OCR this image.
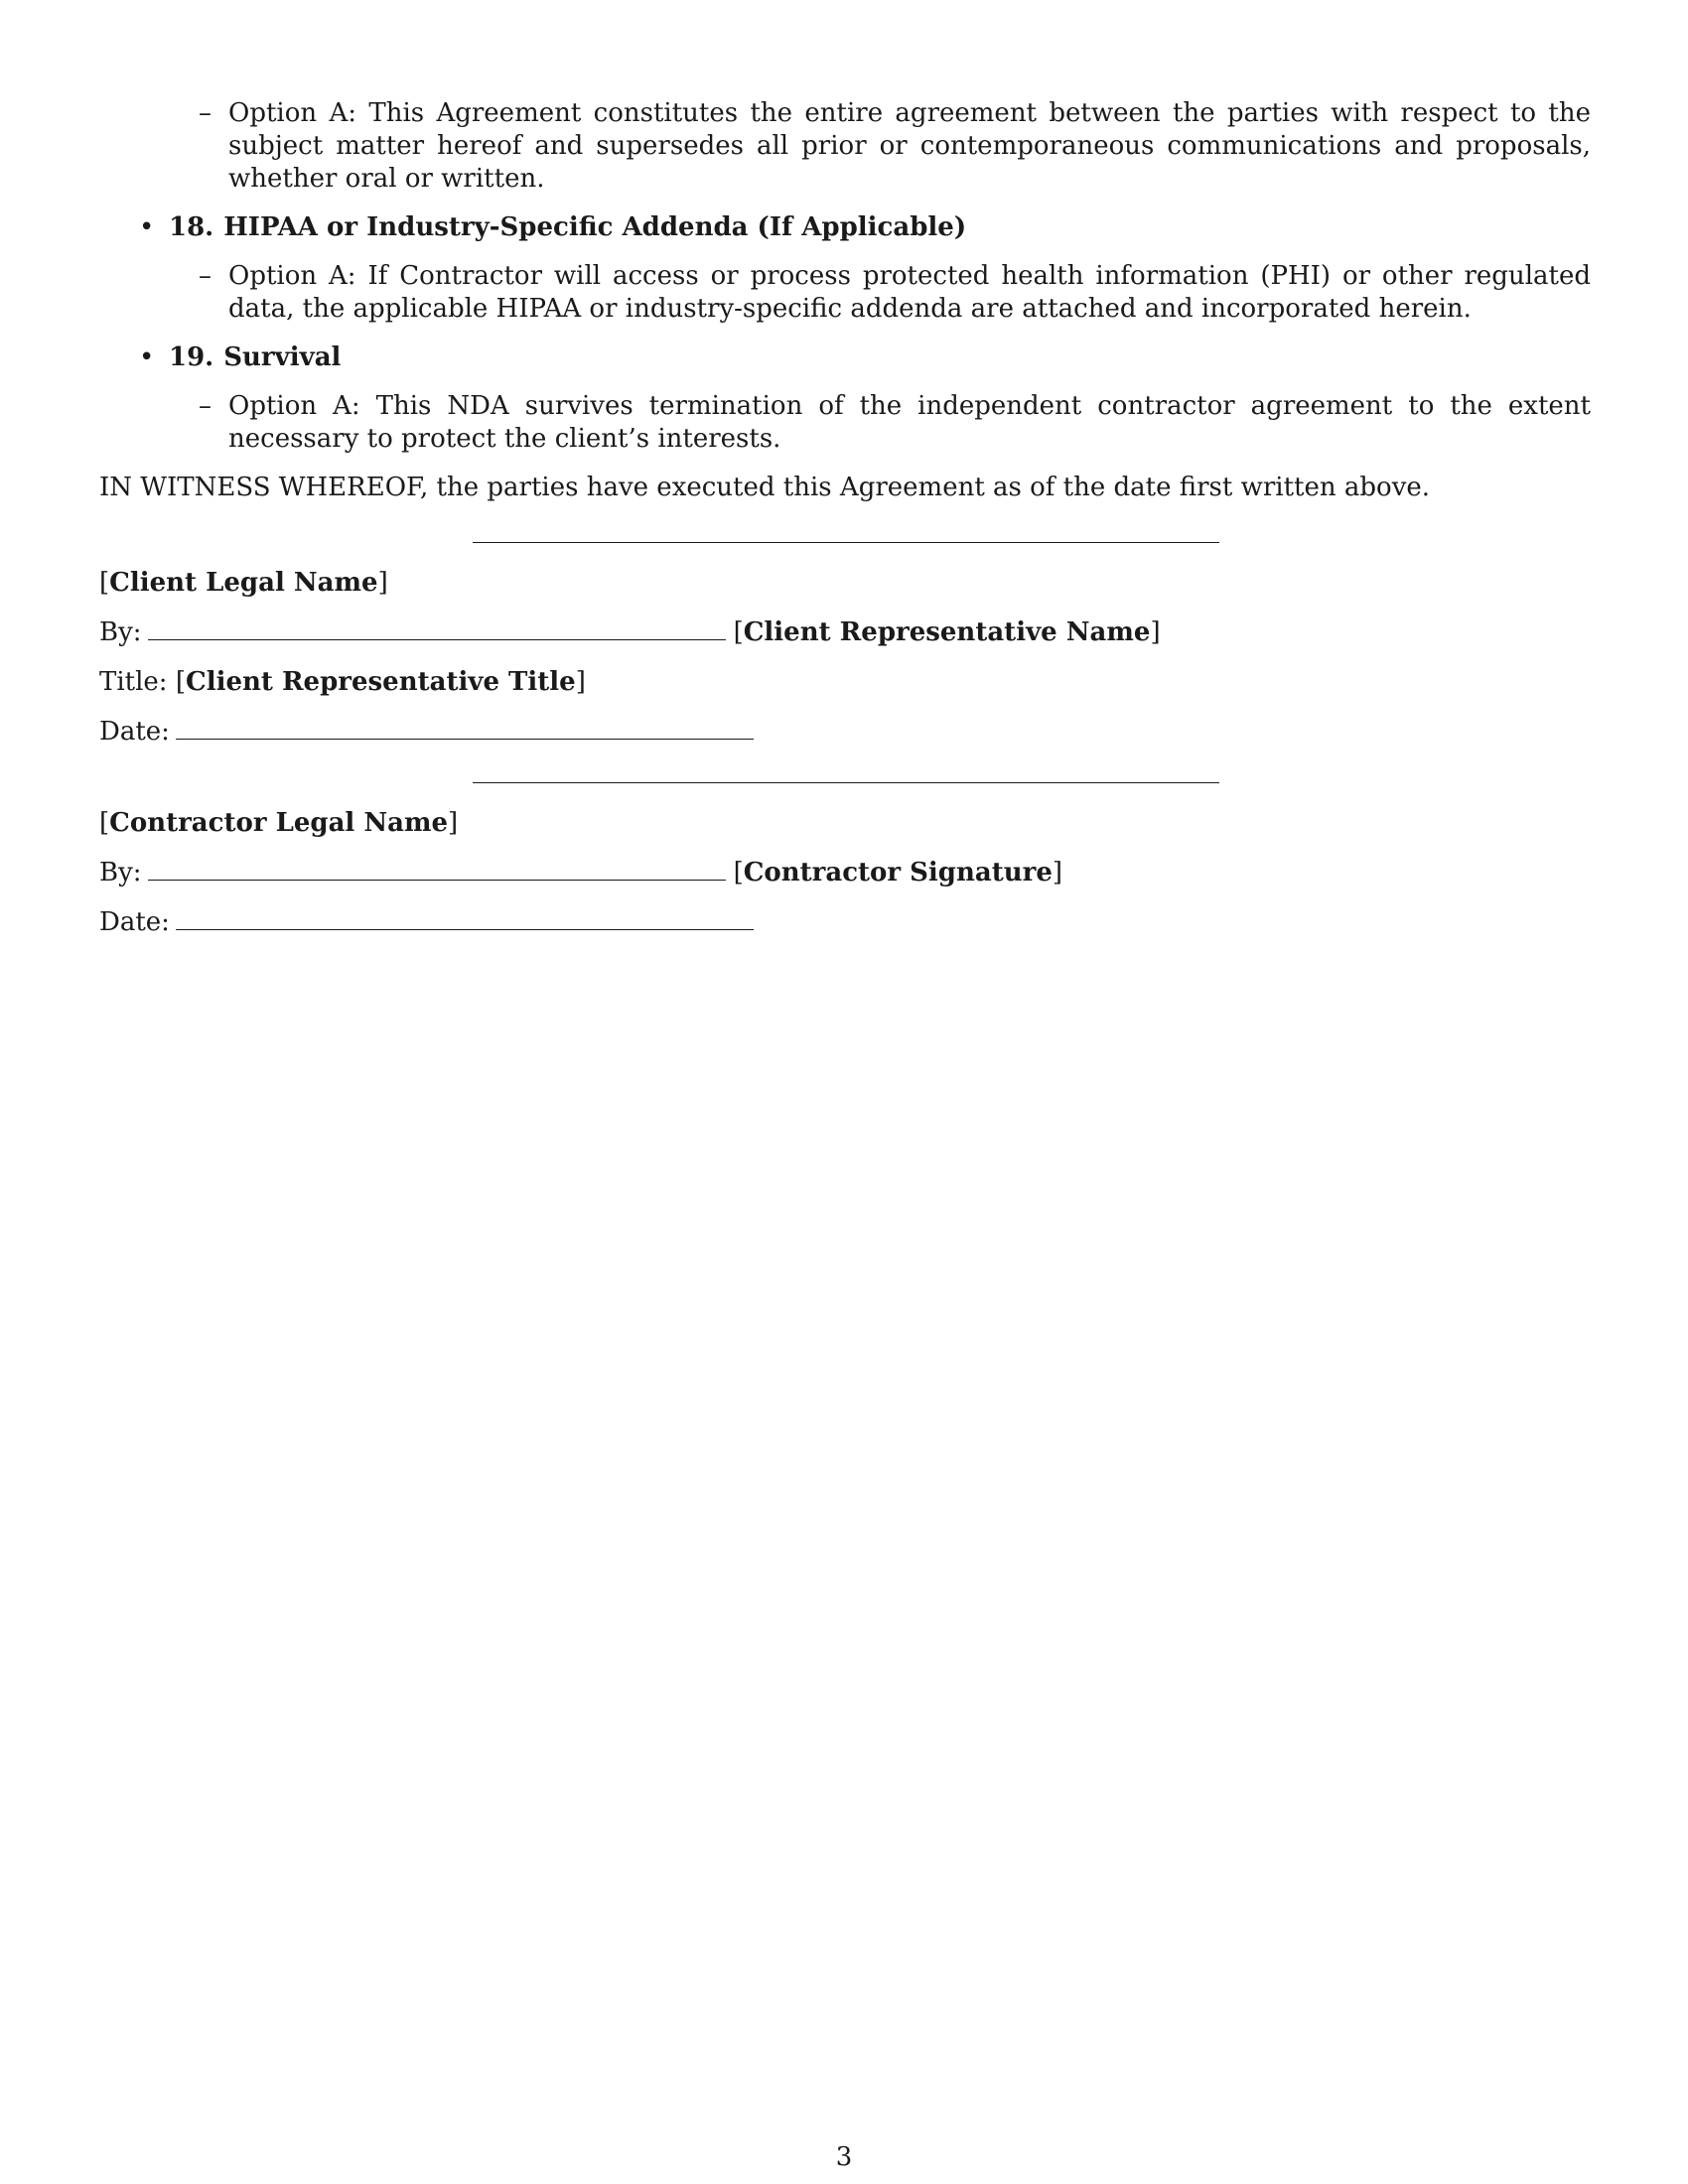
– Option A: This Agreement constitutes the entire agreement between the parties with respect to the subject matter hereof and supersedes all prior or contemporaneous communications and proposals, whether oral or written.
• 18. HIPAA or Industry-Specific Addenda (If Applicable)
– Option A: If Contractor will access or process protected health information (PHI) or other regulated data, the applicable HIPAA or industry-specific addenda are attached and incorporated herein.
• 19. Survival
– Option A: This NDA survives termination of the independent contractor agreement to the extent necessary to protect the client’s interests.
IN WITNESS WHEREOF, the parties have executed this Agreement as of the date first written above.
[Client Legal Name]
By:	[Client Representative Name]
Title: [Client Representative Title]
Date:
[Contractor Legal Name]
By:	[Contractor Signature]
Date:
3
